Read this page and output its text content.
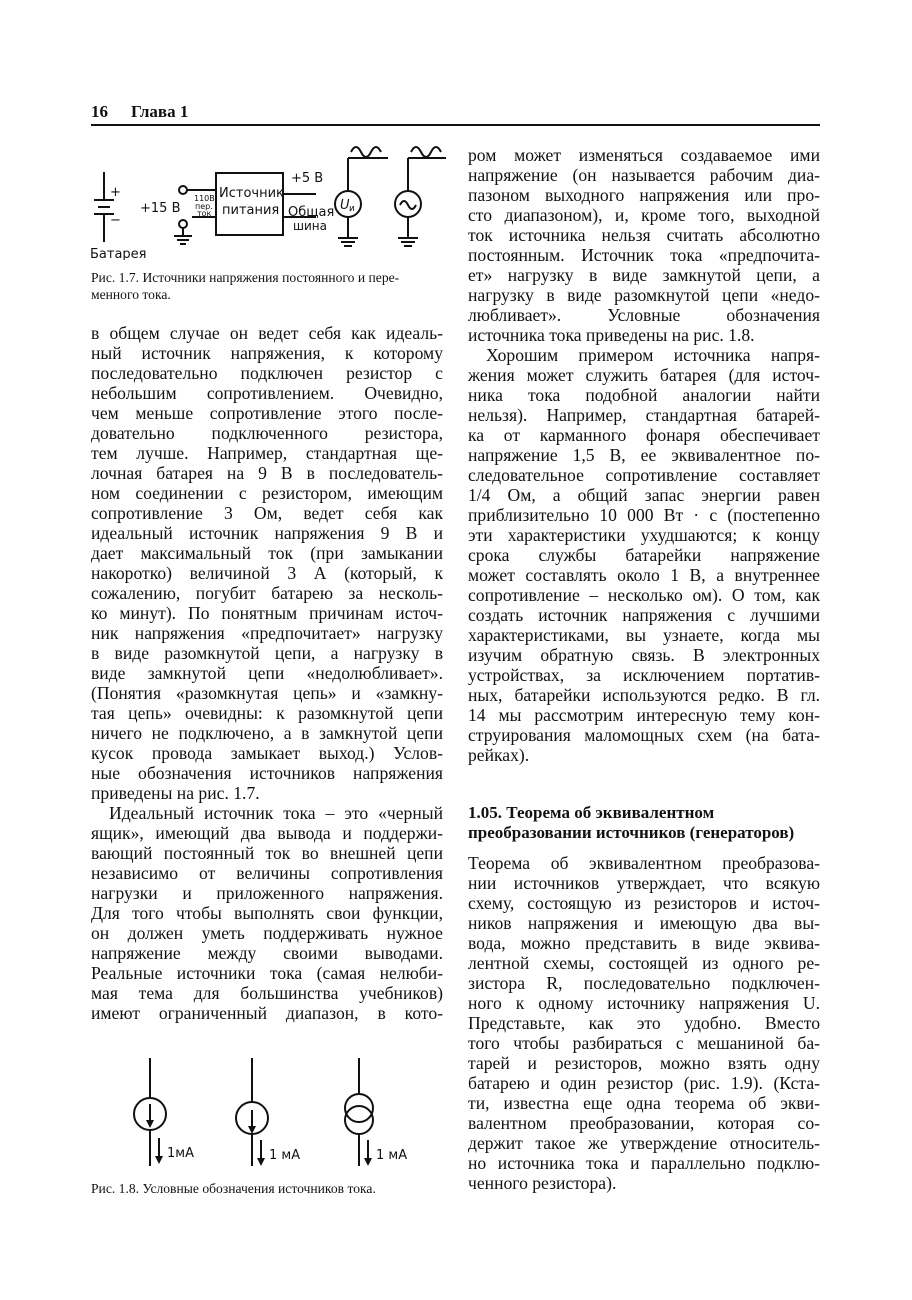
16 Глава 1
+
−
Батарея
+15 В
110В
пер.
ток
Источник
питания
+5 В
Общая
шина
U и
Рис. 1.7. Источники напряжения постоянного и пере-
менного тока.
в общем случае он ведет себя как идеаль-
ный источник напряжения, к которому
последовательно подключен резистор с
небольшим сопротивлением. Очевидно,
чем меньше сопротивление этого после-
довательно подключенного резистора,
тем лучше. Например, стандартная ще-
лочная батарея на 9 В в последователь-
ном соединении с резистором, имеющим
сопротивление 3 Ом, ведет себя как
идеальный источник напряжения 9 В и
дает максимальный ток (при замыкании
накоротко) величиной 3 А (который, к
сожалению, погубит батарею за несколь-
ко минут). По понятным причинам источ-
ник напряжения «предпочитает» нагрузку
в виде разомкнутой цепи, а нагрузку в
виде замкнутой цепи «недолюбливает».
(Понятия «разомкнутая цепь» и «замкну-
тая цепь» очевидны: к разомкнутой цепи
ничего не подключено, а в замкнутой цепи
кусок провода замыкает выход.) Услов-
ные обозначения источников напряжения
приведены на рис. 1.7.
Идеальный источник тока – это «черный
ящик», имеющий два вывода и поддержи-
вающий постоянный ток во внешней цепи
независимо от величины сопротивления
нагрузки и приложенного напряжения.
Для того чтобы выполнять свои функции,
он должен уметь поддерживать нужное
напряжение между своими выводами.
Реальные источники тока (самая нелюби-
мая тема для большинства учебников)
имеют ограниченный диапазон, в кото-
1мА	1 мА	1 мА
Рис. 1.8. Условные обозначения источников тока.
ром может изменяться создаваемое ими
напряжение (он называется рабочим диа-
пазоном выходного напряжения или про-
сто диапазоном), и, кроме того, выходной
ток источника нельзя считать абсолютно
постоянным. Источник тока «предпочита-
ет» нагрузку в виде замкнутой цепи, а
нагрузку в виде разомкнутой цепи «недо-
любливает». Условные обозначения
источника тока приведены на рис. 1.8.
Хорошим примером источника напря-
жения может служить батарея (для источ-
ника тока подобной аналогии найти
нельзя). Например, стандартная батарей-
ка от карманного фонаря обеспечивает
напряжение 1,5 В, ее эквивалентное по-
следовательное сопротивление составляет
1/4 Ом, а общий запас энергии равен
приблизительно 10 000 Вт · с (постепенно
эти характеристики ухудшаются; к концу
срока службы батарейки напряжение
может составлять около 1 В, а внутреннее
сопротивление – несколько ом). О том, как
создать источник напряжения с лучшими
характеристиками, вы узнаете, когда мы
изучим обратную связь. В электронных
устройствах, за исключением портатив-
ных, батарейки используются редко. В гл.
14 мы рассмотрим интересную тему кон-
струирования маломощных схем (на бата-
рейках).
1.05. Теорема об эквивалентном
преобразовании источников (генераторов)
Теорема об эквивалентном преобразова-
нии источников утверждает, что всякую
схему, состоящую из резисторов и источ-
ников напряжения и имеющую два вы-
вода, можно представить в виде эквива-
лентной схемы, состоящей из одного ре-
зистора R, последовательно подключен-
ного к одному источнику напряжения U.
Представьте, как это удобно. Вместо
того чтобы разбираться с мешаниной ба-
тарей и резисторов, можно взять одну
батарею и один резистор (рис. 1.9). (Кста-
ти, известна еще одна теорема об экви-
валентном преобразовании, которая со-
держит такое же утверждение относитель-
но источника тока и параллельно подклю-
ченного резистора).
